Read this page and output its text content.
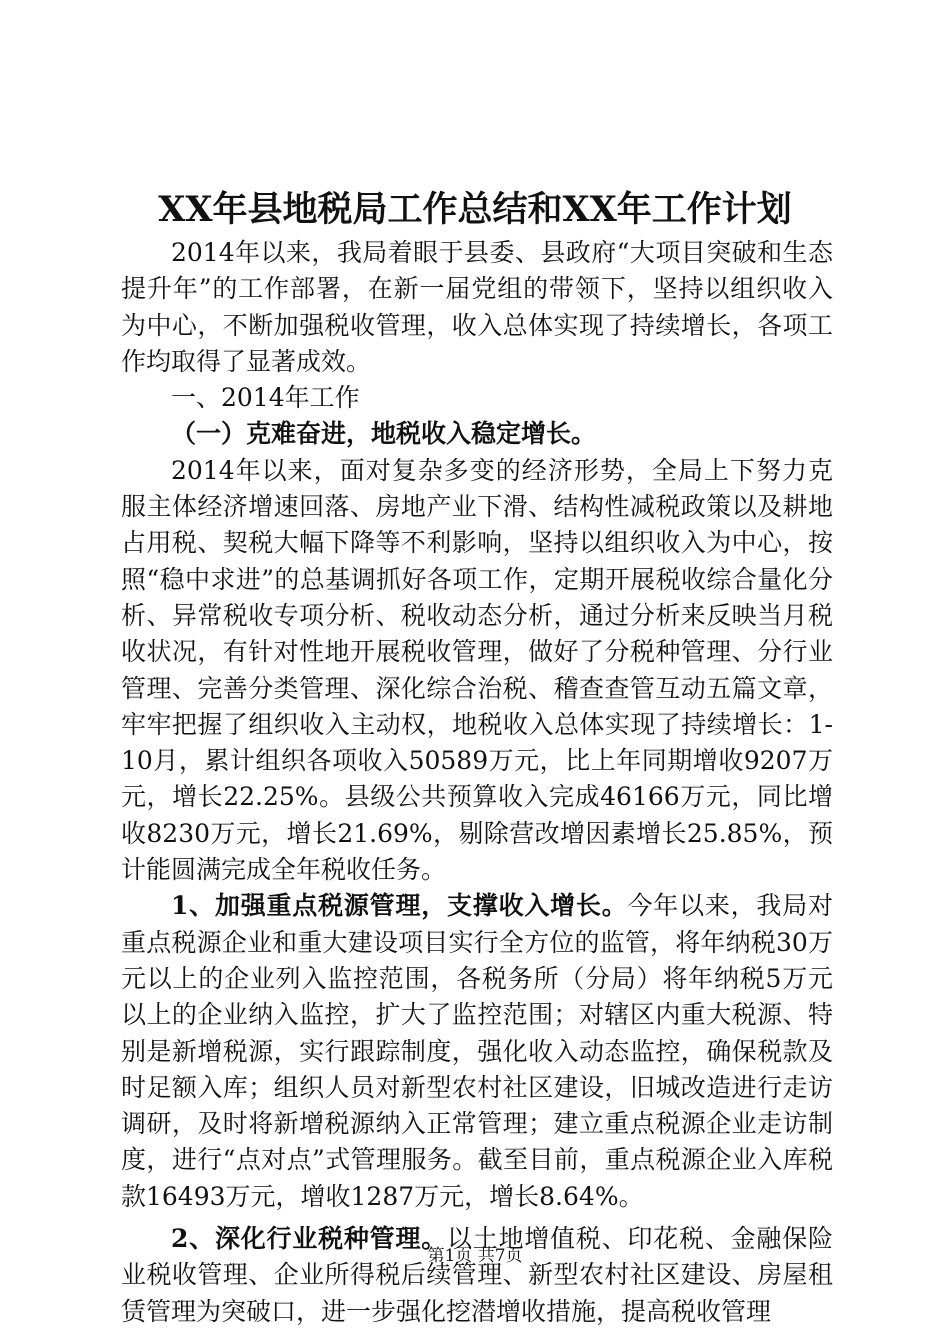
XX年县地税局工作总结和XX年工作计划

2014年以来，我局着眼于县委、县政府“大项目突破和生态提升年”的工作部署，在新一届党组的带领下，坚持以组织收入为中心，不断加强税收管理，收入总体实现了持续增长，各项工作均取得了显著成效。

一、2014年工作

（一）克难奋进，地税收入稳定增长。

2014年以来，面对复杂多变的经济形势，全局上下努力克服主体经济增速回落、房地产业下滑、结构性减税政策以及耕地占用税、契税大幅下降等不利影响，坚持以组织收入为中心，按照“稳中求进”的总基调抓好各项工作，定期开展税收综合量化分析、异常税收专项分析、税收动态分析，通过分析来反映当月税收状况，有针对性地开展税收管理，做好了分税种管理、分行业管理、完善分类管理、深化综合治税、稽查查管互动五篇文章，牢牢把握了组织收入主动权，地税收入总体实现了持续增长：1-10月，累计组织各项收入50589万元，比上年同期增收9207万元，增长22.25%。县级公共预算收入完成46166万元，同比增收8230万元，增长21.69%，剔除营改增因素增长25.85%，预计能圆满完成全年税收任务。

1、加强重点税源管理，支撑收入增长。今年以来，我局对重点税源企业和重大建设项目实行全方位的监管，将年纳税30万元以上的企业列入监控范围，各税务所（分局）将年纳税5万元以上的企业纳入监控，扩大了监控范围；对辖区内重大税源、特别是新增税源，实行跟踪制度，强化收入动态监控，确保税款及时足额入库；组织人员对新型农村社区建设，旧城改造进行走访调研，及时将新增税源纳入正常管理；建立重点税源企业走访制度，进行“点对点”式管理服务。截至目前，重点税源企业入库税款16493万元，增收1287万元，增长8.64%。

2、深化行业税种管理。以土地增值税、印花税、金融保险业税收管理、企业所得税后续管理、新型农村社区建设、房屋租赁管理为突破口，进一步强化挖潜增收措施，提高税收管理

第1页 共7页
